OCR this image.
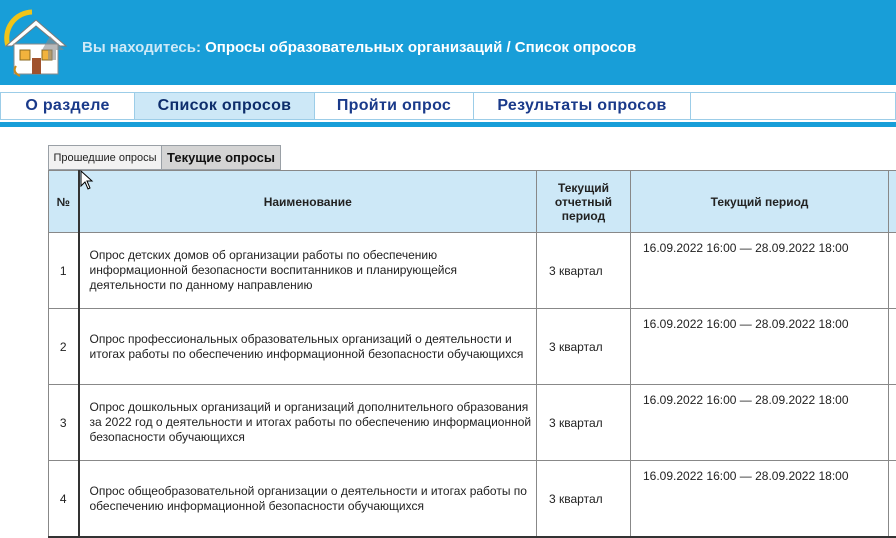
Вы находитесь: Опросы образовательных организаций / Список опросов
О разделе	Список опросов	Пройти опрос	Результаты опросов
Прошедшие опросы Текущие опросы
№	Наименование	Текущий отчетный период	Текущий период	
1	Опрос детских домов об организации работы по обеспечению информационной безопасности воспитанников и планирующейся деятельности по данному направлению	3 квартал	16.09.2022 16:00 — 28.09.2022 18:00	
2	Опрос профессиональных образовательных организаций о деятельности и итогах работы по обеспечению информационной безопасности обучающихся	3 квартал	16.09.2022 16:00 — 28.09.2022 18:00	
3	Опрос дошкольных организаций и организаций дополнительного образования за 2022 год о деятельности и итогах работы по обеспечению информационной безопасности обучающихся	3 квартал	16.09.2022 16:00 — 28.09.2022 18:00	
4	Опрос общеобразовательной организации о деятельности и итогах работы по обеспечению информационной безопасности обучающихся	3 квартал	16.09.2022 16:00 — 28.09.2022 18:00	
